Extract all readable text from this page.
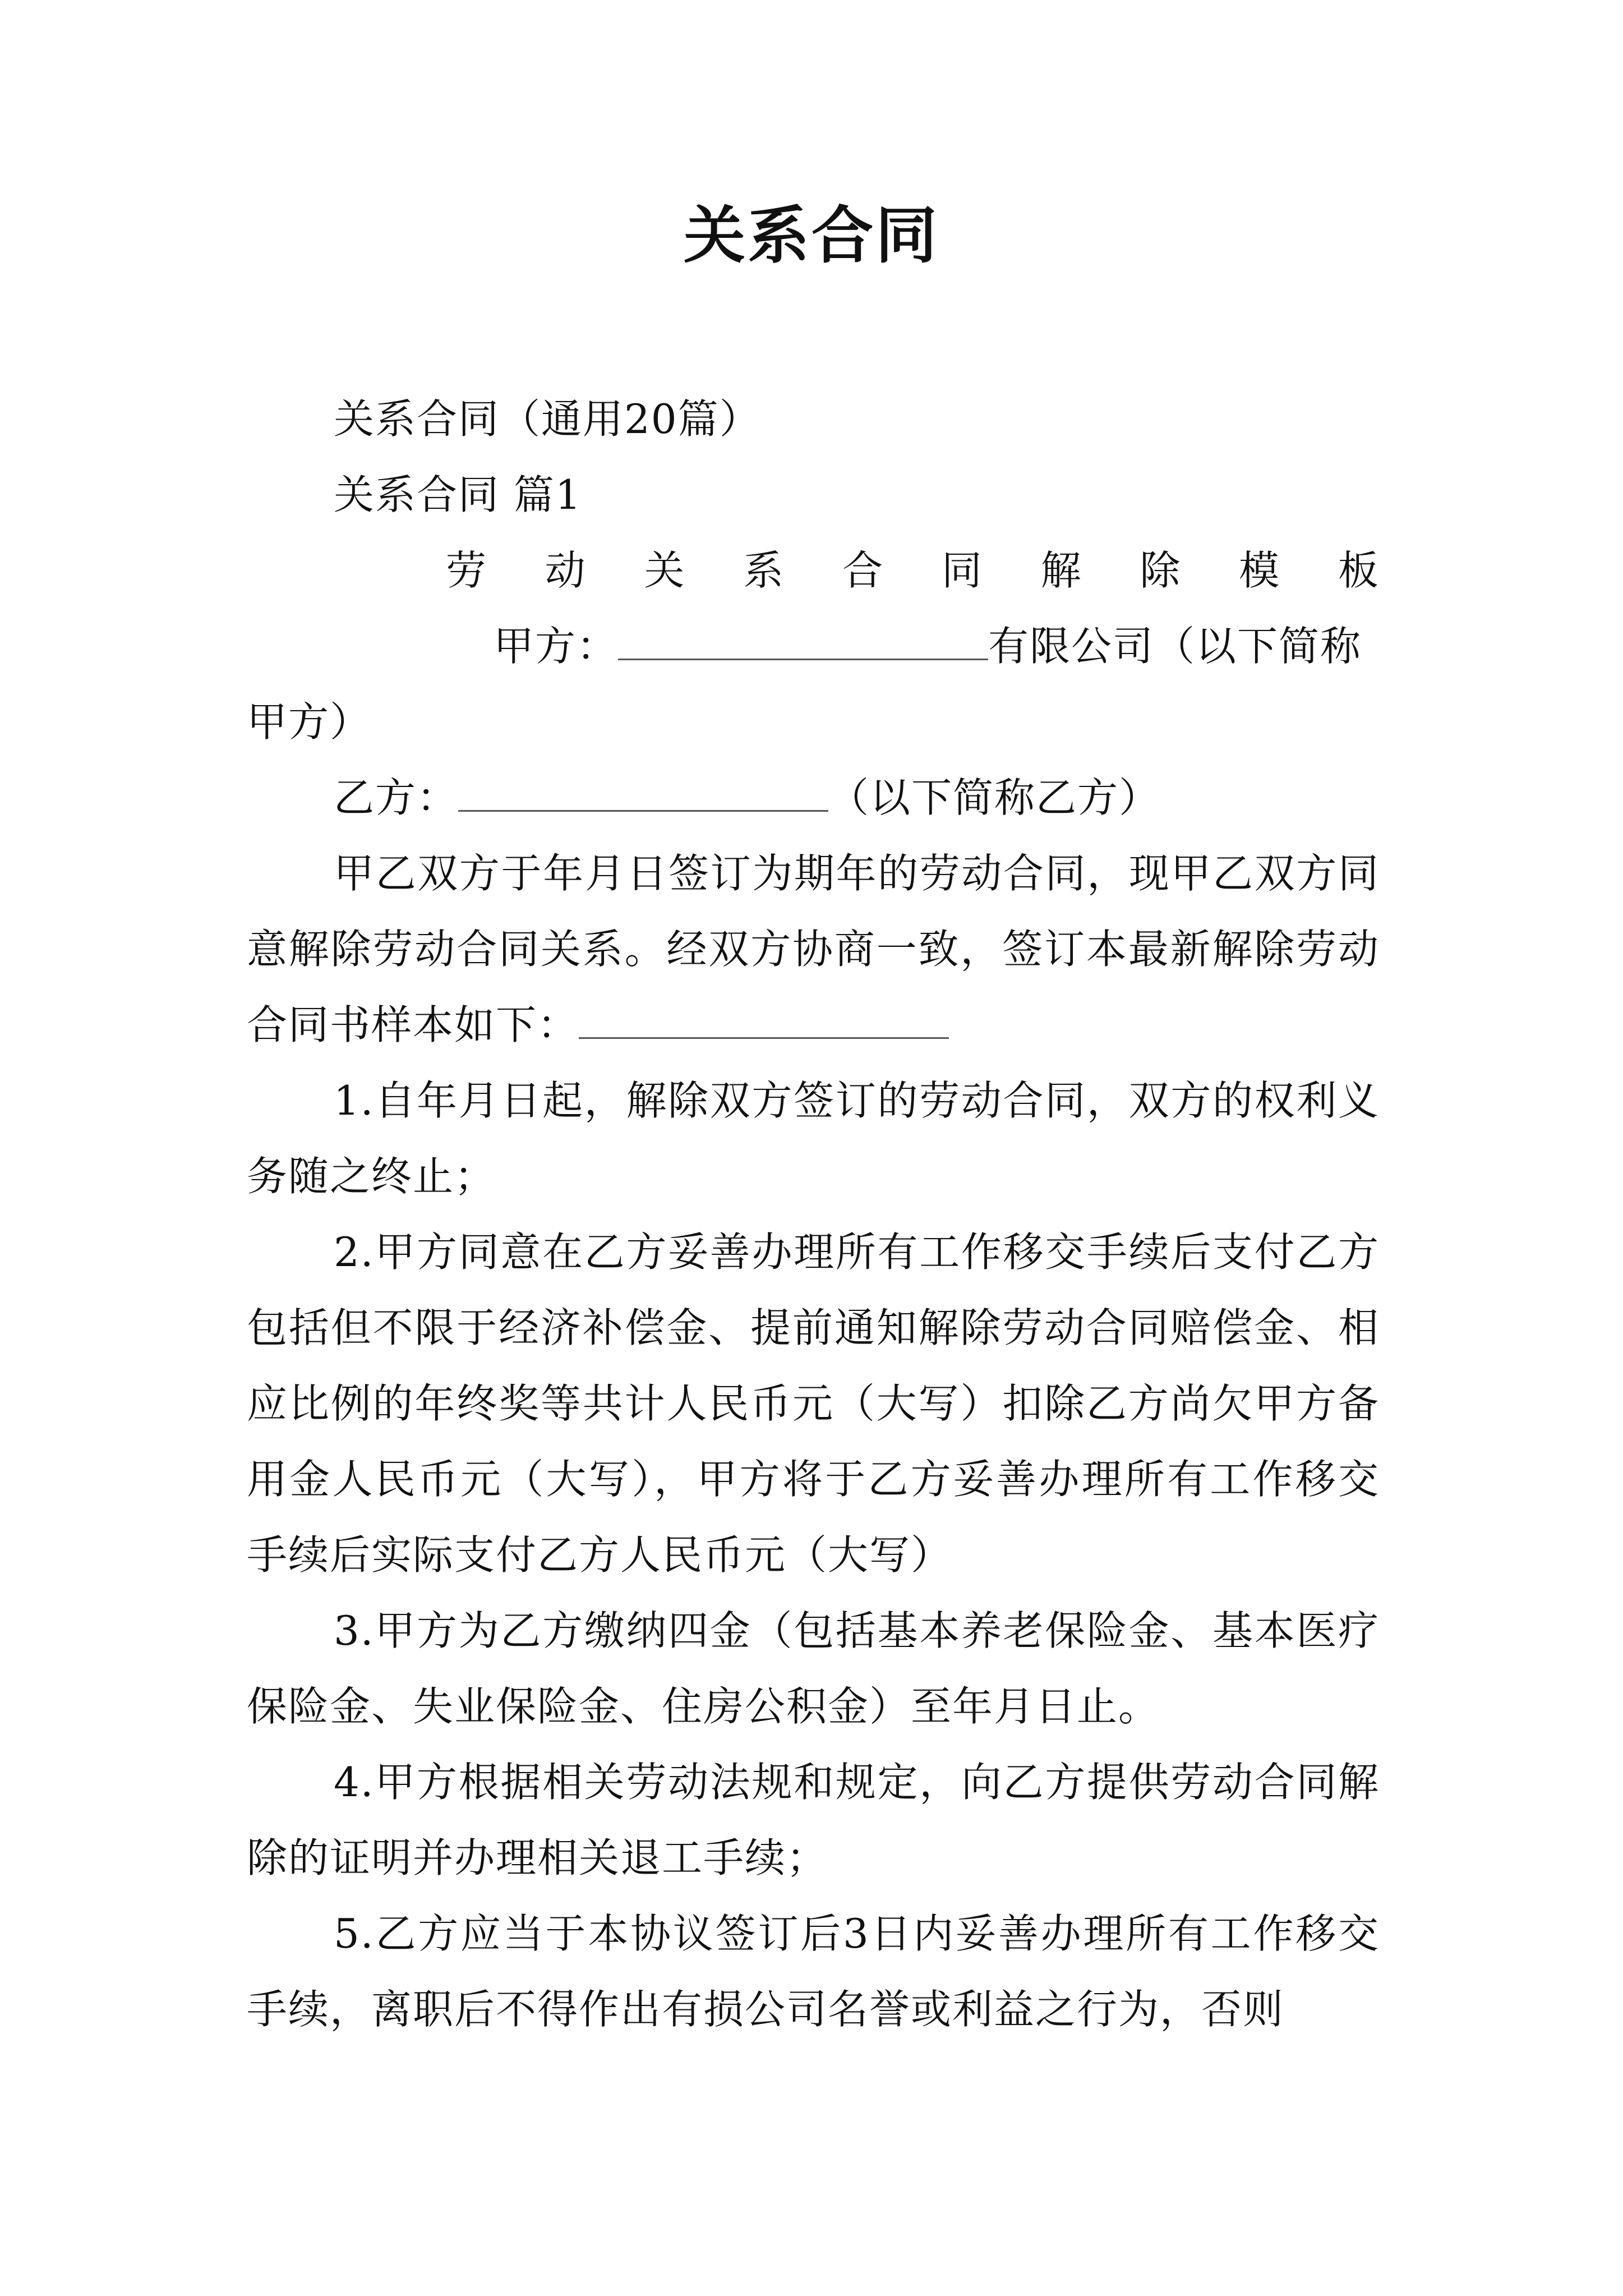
关系合同

关系合同（通用20篇）

关系合同 篇1

劳 动 关 系 合 同 解 除 模 板

甲方：	有限公司（以下简称

甲方）

乙方：	（以下简称乙方）

甲乙双方于年月日签订为期年的劳动合同，现甲乙双方同意解除劳动合同关系。经双方协商一致，签订本最新解除劳动合同书样本如下：

1.自年月日起，解除双方签订的劳动合同，双方的权利义务随之终止；

2.甲方同意在乙方妥善办理所有工作移交手续后支付乙方包括但不限于经济补偿金、提前通知解除劳动合同赔偿金、相应比例的年终奖等共计人民币元（大写）扣除乙方尚欠甲方备用金人民币元（大写），甲方将于乙方妥善办理所有工作移交手续后实际支付乙方人民币元（大写）

3.甲方为乙方缴纳四金（包括基本养老保险金、基本医疗保险金、失业保险金、住房公积金）至年月日止。

4.甲方根据相关劳动法规和规定，向乙方提供劳动合同解除的证明并办理相关退工手续；

5.乙方应当于本协议签订后3日内妥善办理所有工作移交手续，离职后不得作出有损公司名誉或利益之行为，否则
